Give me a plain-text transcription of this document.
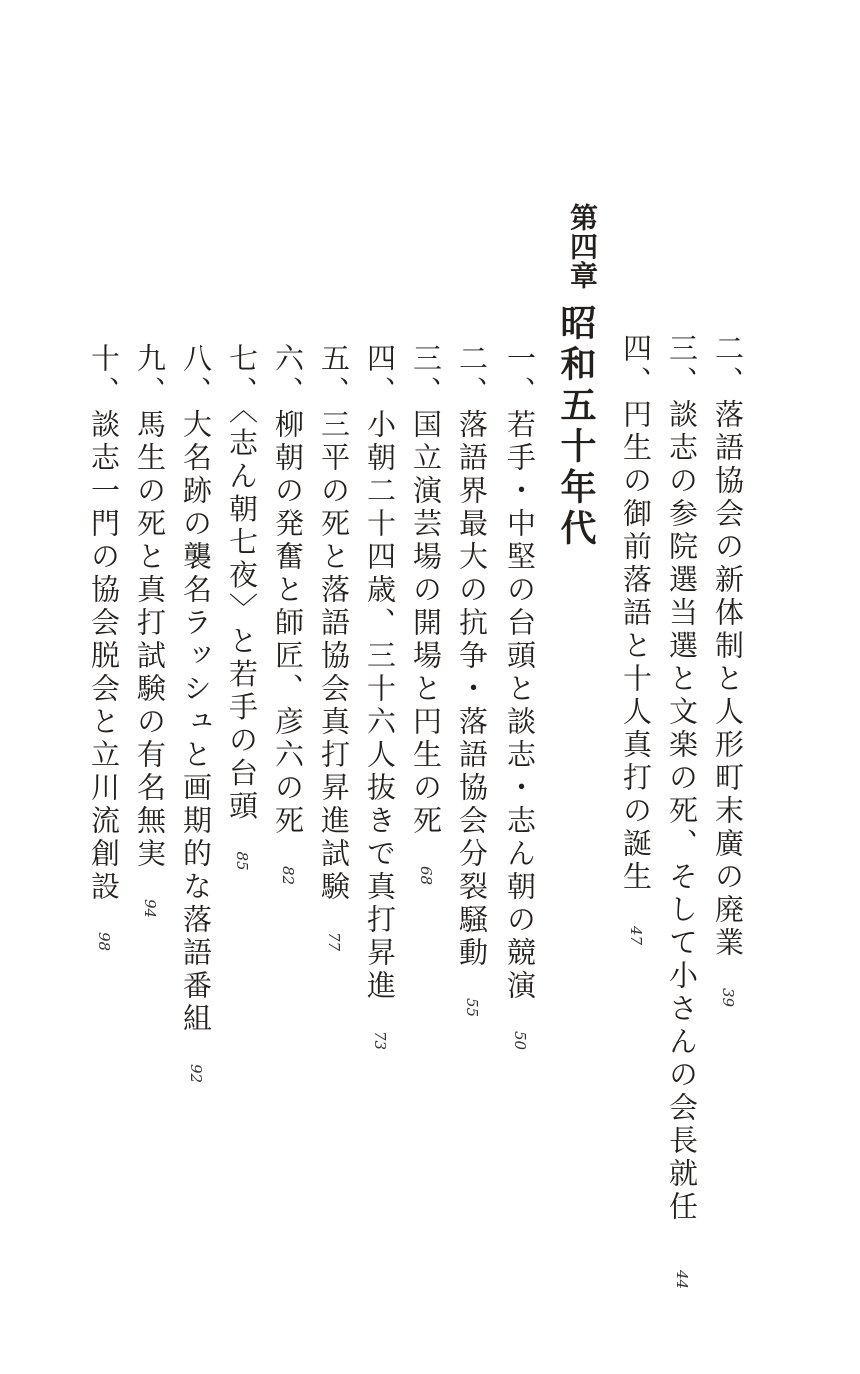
二、落語協会の新体制と人形町末廣の廃業39
三、談志の参院選当選と文楽の死、そして小さんの会長就任44
四、円生の御前落語と十人真打の誕生47
第四章
昭和五十年代
一、若手・中堅の台頭と談志・志ん朝の競演50
二、落語界最大の抗争・落語協会分裂騒動55
三、国立演芸場の開場と円生の死68
四、小朝二十四歳、三十六人抜きで真打昇進73
五、三平の死と落語協会真打昇進試験77
六、柳朝の発奮と師匠、彦六の死82
七、〈志ん朝七夜〉と若手の台頭85
八、大名跡の襲名ラッシュと画期的な落語番組92
九、馬生の死と真打試験の有名無実94
十、談志一門の協会脱会と立川流創設98
